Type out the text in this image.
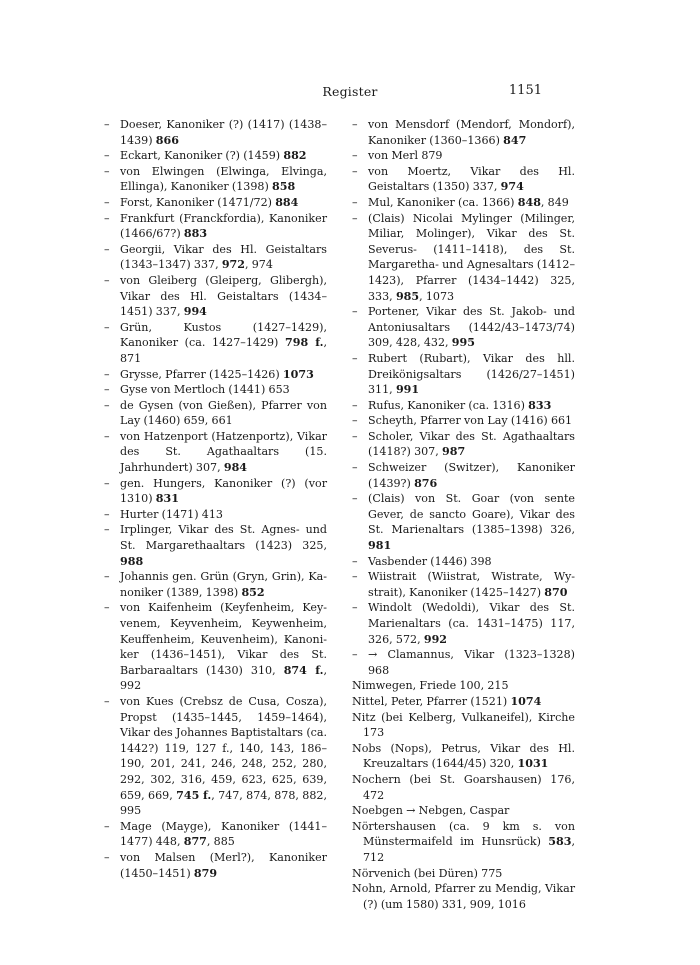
Register	1151
– Doeser, Kanoniker (?) (1417) (1438–1439) 866
– Eckart, Kanoniker (?) (1459) 882
– von Elwingen (Elwinga, Elvinga, Ellinga), Kanoniker (1398) 858
– Forst, Kanoniker (1471/72) 884
– Frankfurt (Franckfordia), Kanoniker (1466/67?) 883
– Georgii, Vikar des Hl. Geistaltars (1343–1347) 337, 972, 974
– von Gleiberg (Gleiperg, Glibergh), Vikar des Hl. Geistaltars (1434–1451) 337, 994
– Grün, Kustos (1427–1429), Kanoniker (ca. 1427–1429) 798 f., 871
– Grysse, Pfarrer (1425–1426) 1073
– Gyse von Mertloch (1441) 653
– de Gysen (von Gießen), Pfarrer von Lay (1460) 659, 661
– von Hatzenport (Hatzenportz), Vikar des St. Agathaaltars (15. Jahrhundert) 307, 984
– gen. Hungers, Kanoniker (?) (vor 1310) 831
– Hurter (1471) 413
– Irplinger, Vikar des St. Agnes- und St. Margarethaaltars (1423) 325, 988
– Johannis gen. Grün (Gryn, Grin), Kanoniker (1389, 1398) 852
– von Kaifenheim (Keyfenheim, Keyvenem, Keyvenheim, Keywenheim, Keuffenheim, Keuvenheim), Kanoniker (1436–1451), Vikar des St. Barbaraaltars (1430) 310, 874 f., 992
– von Kues (Crebsz de Cusa, Cosza), Propst (1435–1445, 1459–1464), Vikar des Johannes Baptistaltars (ca. 1442?) 119, 127 f., 140, 143, 186–190, 201, 241, 246, 248, 252, 280, 292, 302, 316, 459, 623, 625, 639, 659, 669, 745 f., 747, 874, 878, 882, 995
– Mage (Mayge), Kanoniker (1441–1477) 448, 877, 885
– von Malsen (Merl?), Kanoniker (1450–1451) 879
– von Mensdorf (Mendorf, Mondorf), Kanoniker (1360–1366) 847
– von Merl 879
– von Moertz, Vikar des Hl. Geistaltars (1350) 337, 974
– Mul, Kanoniker (ca. 1366) 848, 849
– (Clais) Nicolai Mylinger (Milinger, Miliar, Molinger), Vikar des St. Severus- (1411–1418), des St. Margaretha- und Agnesaltars (1412–1423), Pfarrer (1434–1442) 325, 333, 985, 1073
– Portener, Vikar des St. Jakob- und Antoniusaltars (1442/43–1473/74) 309, 428, 432, 995
– Rubert (Rubart), Vikar des hll. Dreikönigsaltars (1426/27–1451) 311, 991
– Rufus, Kanoniker (ca. 1316) 833
– Scheyth, Pfarrer von Lay (1416) 661
– Scholer, Vikar des St. Agathaaltars (1418?) 307, 987
– Schweizer (Switzer), Kanoniker (1439?) 876
– (Clais) von St. Goar (von sente Gever, de sancto Goare), Vikar des St. Marienaltars (1385–1398) 326, 981
– Vasbender (1446) 398
– Wiistrait (Wiistrat, Wistrate, Wystrait), Kanoniker (1425–1427) 870
– Windolt (Wedoldi), Vikar des St. Marienaltars (ca. 1431–1475) 117, 326, 572, 992
– → Clamannus, Vikar (1323–1328) 968
Nimwegen, Friede 100, 215
Nittel, Peter, Pfarrer (1521) 1074
Nitz (bei Kelberg, Vulkaneifel), Kirche 173
Nobs (Nops), Petrus, Vikar des Hl. Kreuzaltars (1644/45) 320, 1031
Nochern (bei St. Goarshausen) 176, 472
Noebgen → Nebgen, Caspar
Nörtershausen (ca. 9 km s. von Münstermaifeld im Hunsrück) 583, 712
Nörvenich (bei Düren) 775
Nohn, Arnold, Pfarrer zu Mendig, Vikar (?) (um 1580) 331, 909, 1016
